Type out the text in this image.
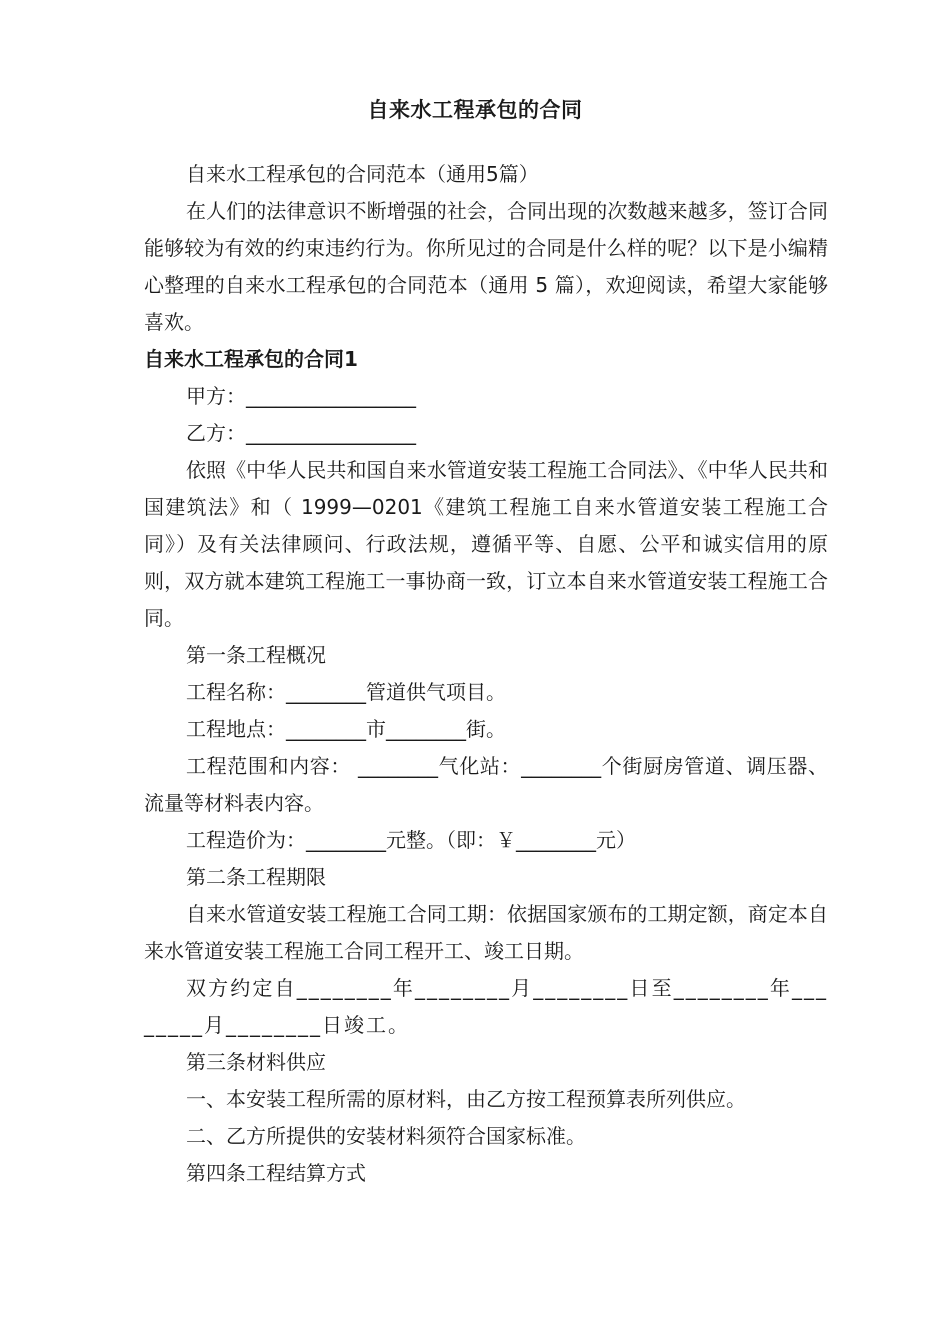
自来水工程承包的合同

自来水工程承包的合同范本（通用5篇）

在人们的法律意识不断增强的社会，合同出现的次数越来越多，签订合同能够较为有效的约束违约行为。你所见过的合同是什么样的呢？以下是小编精心整理的自来水工程承包的合同范本（通用 5 篇），欢迎阅读，希望大家能够喜欢。

自来水工程承包的合同1

甲方：_________________

乙方：_________________

依照《中华人民共和国自来水管道安装工程施工合同法》、《中华人民共和国建筑法》和（ 1999—0201《建筑工程施工自来水管道安装工程施工合同》）及有关法律顾问、行政法规，遵循平等、自愿、公平和诚实信用的原则，双方就本建筑工程施工一事协商一致，订立本自来水管道安装工程施工合同。

第一条工程概况

工程名称：________管道供气项目。

工程地点：________市________街。

工程范围和内容： ________气化站：________个街厨房管道、调压器、流量等材料表内容。

工程造价为：________元整。（即：￥________元）

第二条工程期限

自来水管道安装工程施工合同工期：依据国家颁布的工期定额，商定本自来水管道安装工程施工合同工程开工、竣工日期。

双方约定自________年________月________日至________年________月________日竣工。

第三条材料供应

一、本安装工程所需的原材料，由乙方按工程预算表所列供应。

二、乙方所提供的安装材料须符合国家标准。

第四条工程结算方式
